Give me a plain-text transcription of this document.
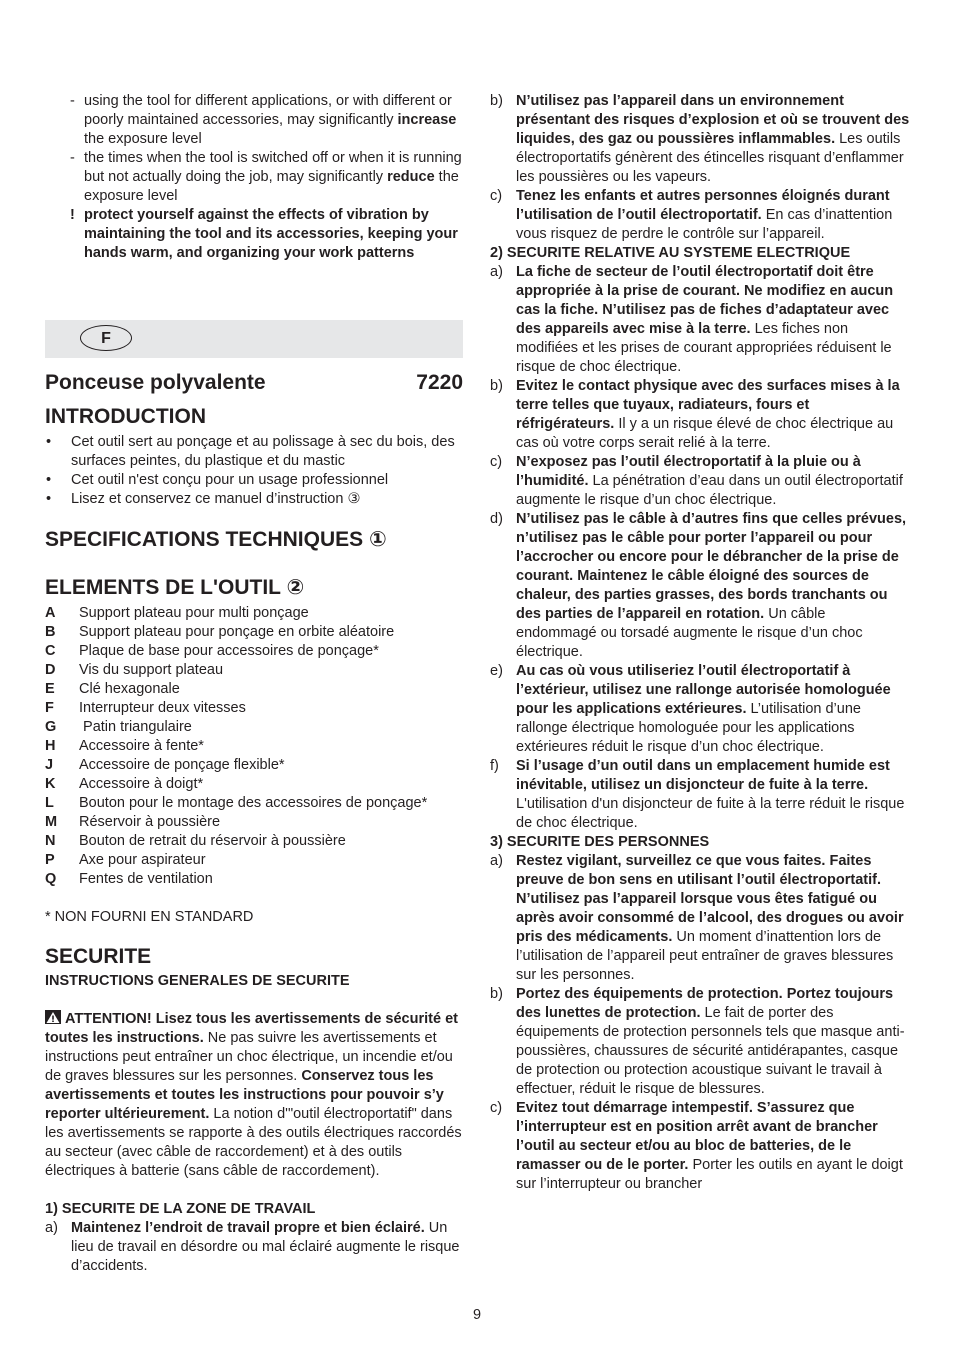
- using the tool for different applications, or with different or poorly maintained accessories, may significantly increase the exposure level
- the times when the tool is switched off or when it is running but not actually doing the job, may significantly reduce the exposure level
! protect yourself against the effects of vibration by maintaining the tool and its accessories, keeping your hands warm, and organizing your work patterns
F
Ponceuse polyvalente	7220
INTRODUCTION
• Cet outil sert au ponçage et au polissage à sec du bois, des surfaces peintes, du plastique et du mastic
• Cet outil n'est conçu pour un usage professionnel
• Lisez et conservez ce manuel d’instruction ③
SPECIFICATIONS TECHNIQUES ①
ELEMENTS DE L'OUTIL ②
A Support plateau pour multi ponçage
B Support plateau pour ponçage en orbite aléatoire
C Plaque de base pour accessoires de ponçage*
D Vis du support plateau
E Clé hexagonale
F Interrupteur deux vitesses
G Patin triangulaire
H Accessoire à fente*
J Accessoire de ponçage flexible*
K Accessoire à doigt*
L Bouton pour le montage des accessoires de ponçage*
M Réservoir à poussière
N Bouton de retrait du réservoir à poussière
P Axe pour aspirateur
Q Fentes de ventilation
* NON FOURNI EN STANDARD
SECURITE
INSTRUCTIONS GENERALES DE SECURITE
ATTENTION! Lisez tous les avertissements de sécurité et toutes les instructions. Ne pas suivre les avertissements et instructions peut entraîner un choc électrique, un incendie et/ou de graves blessures sur les personnes. Conservez tous les avertissements et toutes les instructions pour pouvoir s’y reporter ultérieurement. La notion d'"outil électroportatif" dans les avertissements se rapporte à des outils électriques raccordés au secteur (avec câble de raccordement) et à des outils électriques à batterie (sans câble de raccordement).
1) SECURITE DE LA ZONE DE TRAVAIL
a) Maintenez l’endroit de travail propre et bien éclairé. Un lieu de travail en désordre ou mal éclairé augmente le risque d’accidents.
b) N’utilisez pas l’appareil dans un environnement présentant des risques d’explosion et où se trouvent des liquides, des gaz ou poussières inflammables. Les outils électroportatifs génèrent des étincelles risquant d’enflammer les poussières ou les vapeurs.
c) Tenez les enfants et autres personnes éloignés durant l’utilisation de l’outil électroportatif. En cas d’inattention vous risquez de perdre le contrôle sur l’appareil.
2) SECURITE RELATIVE AU SYSTEME ELECTRIQUE
a) La fiche de secteur de l’outil électroportatif doit être appropriée à la prise de courant. Ne modifiez en aucun cas la fiche. N’utilisez pas de fiches d’adaptateur avec des appareils avec mise à la terre. Les fiches non modifiées et les prises de courant appropriées réduisent le risque de choc électrique.
b) Evitez le contact physique avec des surfaces mises à la terre telles que tuyaux, radiateurs, fours et réfrigérateurs. Il y a un risque élevé de choc électrique au cas où votre corps serait relié à la terre.
c) N’exposez pas l’outil électroportatif à la pluie ou à l’humidité. La pénétration d’eau dans un outil électroportatif augmente le risque d’un choc électrique.
d) N’utilisez pas le câble à d’autres fins que celles prévues, n’utilisez pas le câble pour porter l’appareil ou pour l’accrocher ou encore pour le débrancher de la prise de courant. Maintenez le câble éloigné des sources de chaleur, des parties grasses, des bords tranchants ou des parties de l’appareil en rotation. Un câble endommagé ou torsadé augmente le risque d’un choc électrique.
e) Au cas où vous utiliseriez l’outil électroportatif à l’extérieur, utilisez une rallonge autorisée homologuée pour les applications extérieures. L’utilisation d’une rallonge électrique homologuée pour les applications extérieures réduit le risque d’un choc électrique.
f) Si l’usage d’un outil dans un emplacement humide est inévitable, utilisez un disjoncteur de fuite à la terre. L'utilisation d'un disjoncteur de fuite à la terre réduit le risque de choc électrique.
3) SECURITE DES PERSONNES
a) Restez vigilant, surveillez ce que vous faites. Faites preuve de bon sens en utilisant l’outil électroportatif. N’utilisez pas l’appareil lorsque vous êtes fatigué ou après avoir consommé de l’alcool, des drogues ou avoir pris des médicaments. Un moment d’inattention lors de l’utilisation de l’appareil peut entraîner de graves blessures sur les personnes.
b) Portez des équipements de protection. Portez toujours des lunettes de protection. Le fait de porter des équipements de protection personnels tels que masque anti-poussières, chaussures de sécurité antidérapantes, casque de protection ou protection acoustique suivant le travail à effectuer, réduit le risque de blessures.
c) Evitez tout démarrage intempestif. S’assurez que l’interrupteur est en position arrêt avant de brancher l’outil au secteur et/ou au bloc de batteries, de le ramasser ou de le porter. Porter les outils en ayant le doigt sur l’interrupteur ou brancher
9
